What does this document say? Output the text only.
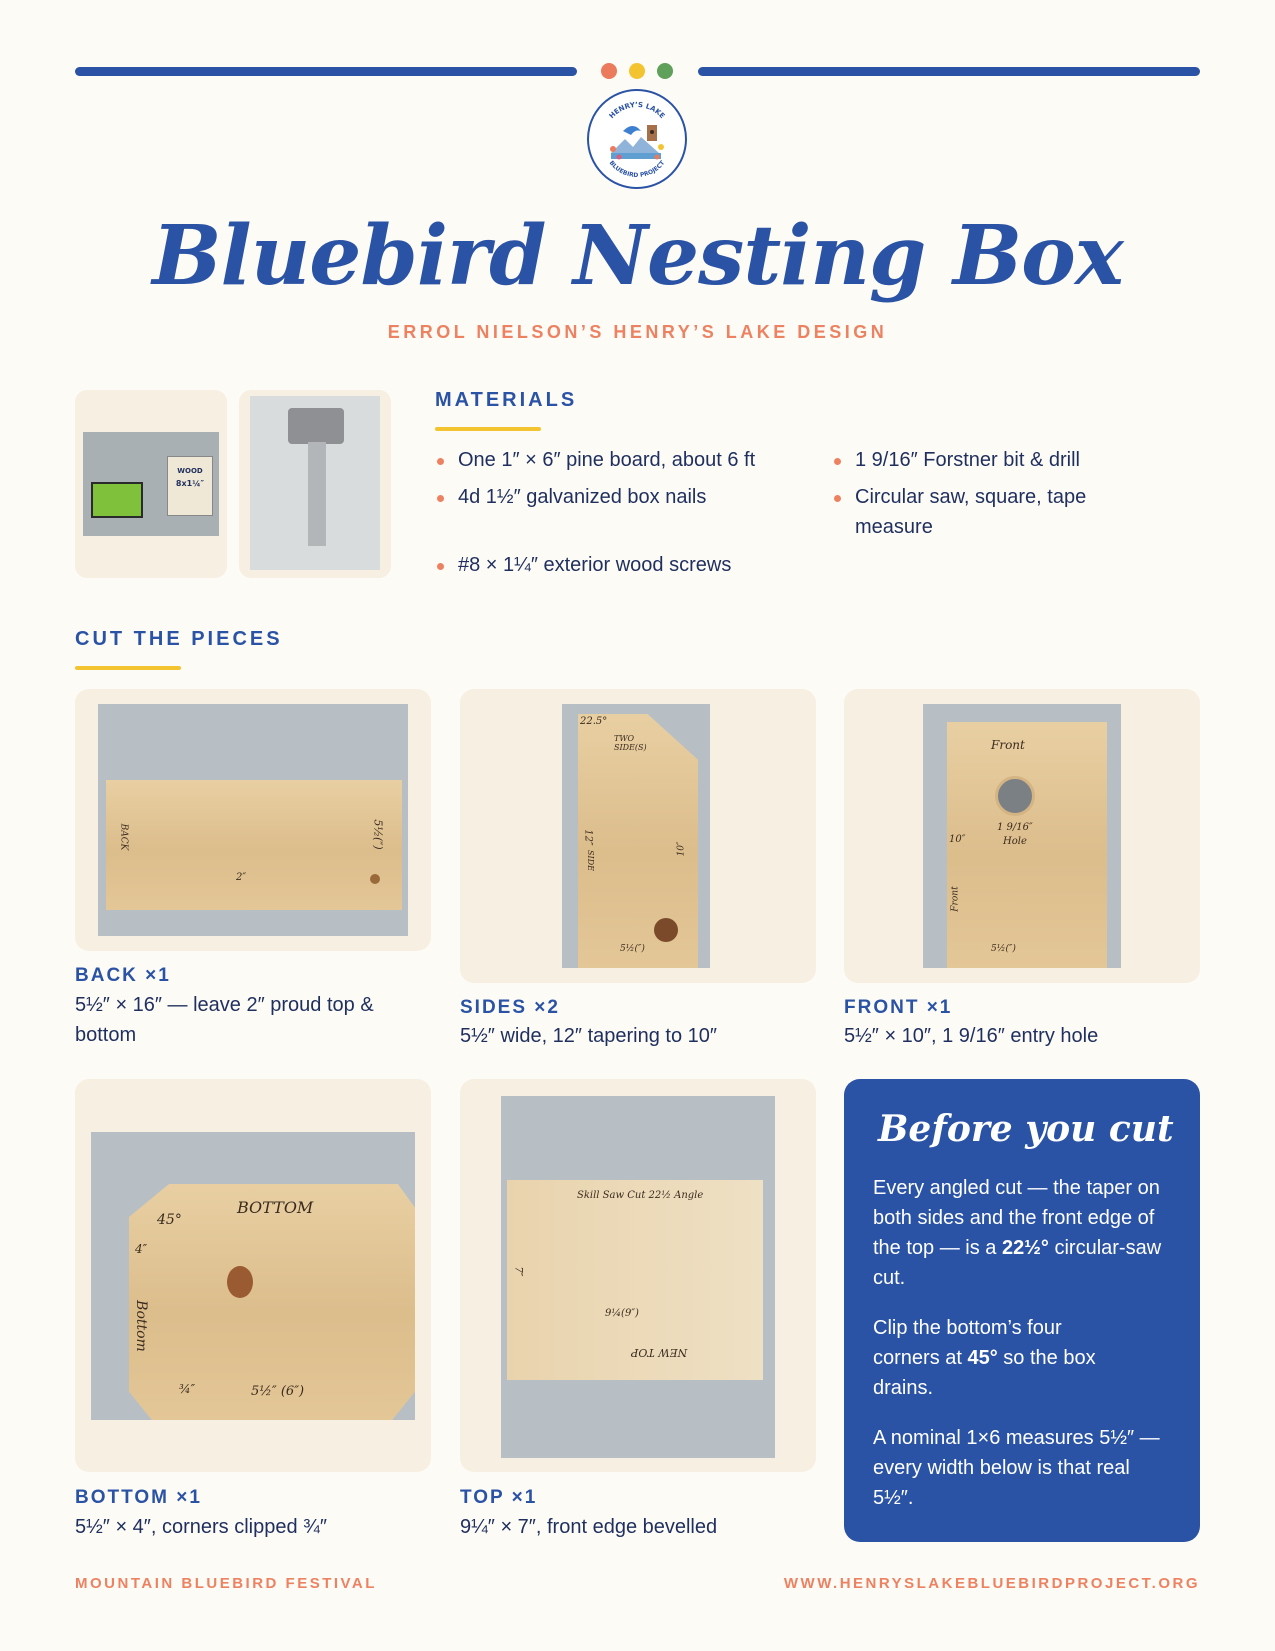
HENRY’S LAKE
BLUEBIRD PROJECT
Bluebird Nesting Box
ERROL NIELSON’S HENRY’S LAKE DESIGN
WOOD
8x1¼″
MATERIALS
One 1″ × 6″ pine board, about 6 ft
4d 1½″ galvanized box nails
#8 × 1¼″ exterior wood screws
1 9/16″ Forstner bit & drill
Circular saw, square, tape measure
CUT THE PIECES
BACK	5½(″)
2″
BACK ×1
5½″ × 16″ — leave 2″ proud top & bottom
22.5°
TWO SIDE(S)
12″
SIDE
10″
5½(″)
SIDES ×2
5½″ wide, 12″ tapering to 10″
Front
1 9/16″
Hole
10″
Front
5½(″)
FRONT ×1
5½″ × 10″, 1 9/16″ entry hole
BOTTOM
45°
4″
Bottom
¾″	5½″ (6″)
BOTTOM ×1
5½″ × 4″, corners clipped ¾″
Skill Saw Cut 22½ Angle
7″
9¼(9″)
NEW TOP
TOP ×1
9¼″ × 7″, front edge bevelled
Before you cut
Every angled cut — the taper on both sides and the front edge of the top — is a 22½° circular-saw cut.
Clip the bottom’s four corners at 45° so the box drains.
A nominal 1×6 measures 5½″ — every width below is that real 5½″.
MOUNTAIN BLUEBIRD FESTIVAL	WWW.HENRYSLAKEBLUEBIRDPROJECT.ORG
